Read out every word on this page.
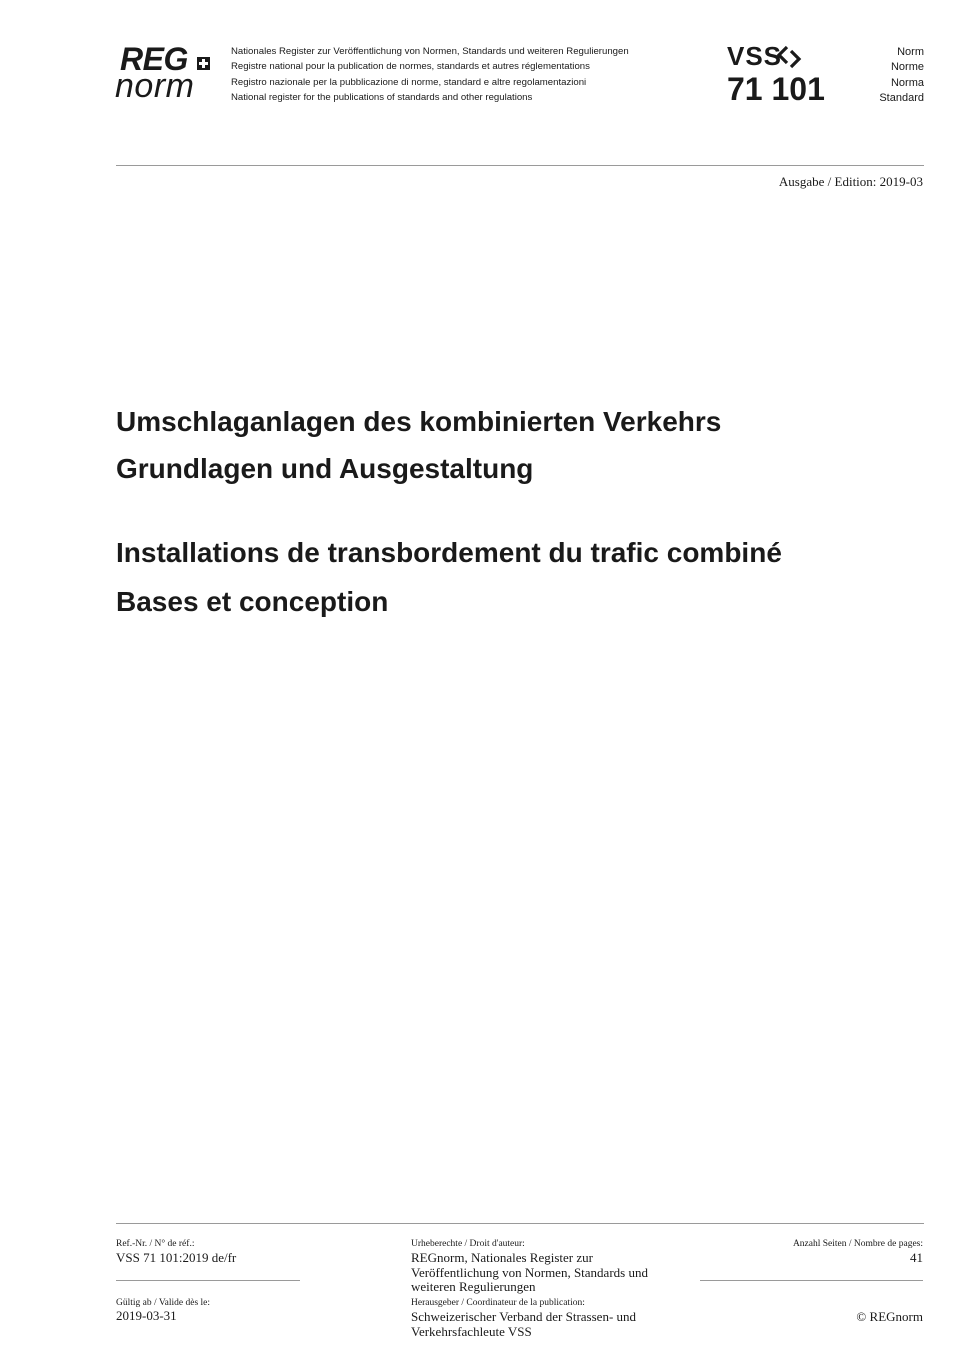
REG
norm
Nationales Register zur Veröffentlichung von Normen, Standards und weiteren Regulierungen
Registre national pour la publication de normes, standards et autres réglementations
Registro nazionale per la pubblicazione di norme, standard e altre regolamentazioni
National register for the publications of standards and other regulations
VSS
71 101
Norm
Norme
Norma
Standard
Ausgabe / Edition: 2019-03
Umschlaganlagen des kombinierten Verkehrs
Grundlagen und Ausgestaltung
Installations de transbordement du trafic combiné
Bases et conception
Ref.-Nr. / N° de réf.:
VSS 71 101:2019 de/fr
Gültig ab / Valide dès le:
2019-03-31
Urheberechte / Droit d'auteur:
REGnorm, Nationales Register zur Veröffentlichung von Normen, Standards und weiteren Regulierungen
Herausgeber / Coordinateur de la publication:
Schweizerischer Verband der Strassen- und Verkehrsfachleute VSS
Anzahl Seiten / Nombre de pages:
41
© REGnorm
